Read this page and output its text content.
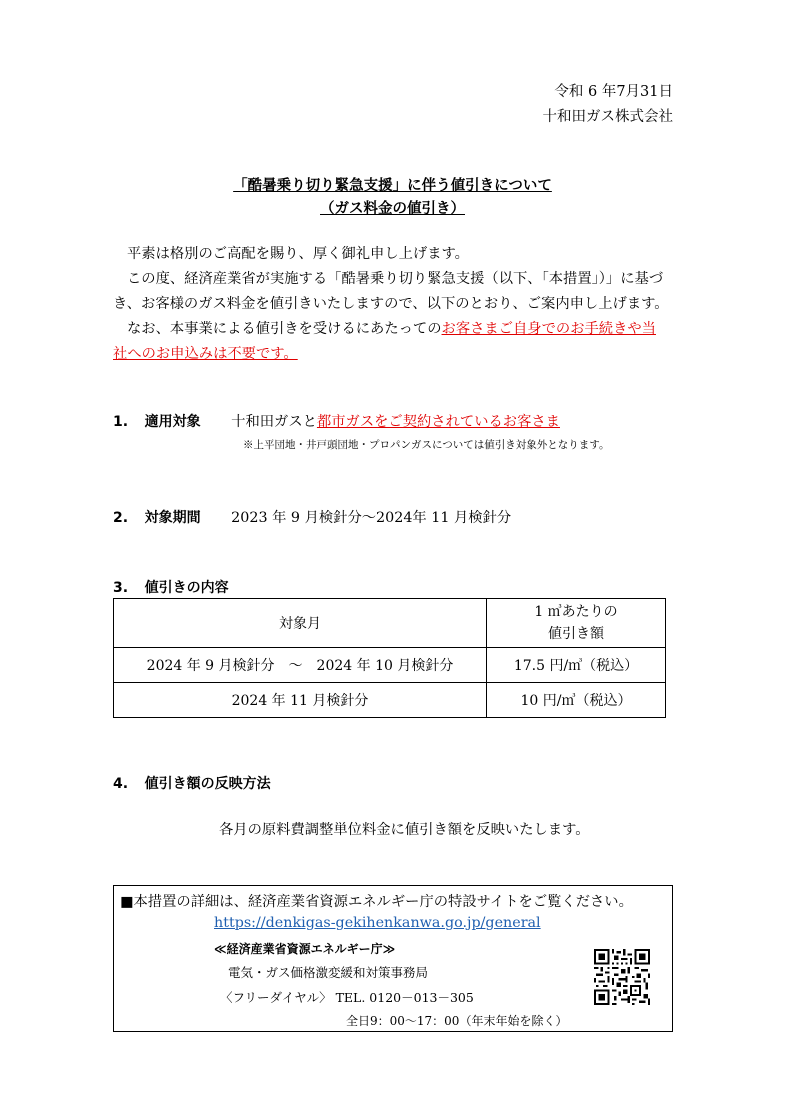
令和 6 年7月31日
十和田ガス株式会社
「酷暑乗り切り緊急支援」に伴う値引きについて
（ガス料金の値引き）
平素は格別のご高配を賜り、厚く御礼申し上げます。
この度、経済産業省が実施する「酷暑乗り切り緊急支援（以下、「本措置」）」に基づ
き、お客様のガス料金を値引きいたしますので、以下のとおり、ご案内申し上げます。
なお、本事業による値引きを受けるにあたってのお客さまご自身でのお手続きや当
社へのお申込みは不要です。
1. 適用対象 十和田ガスと都市ガスをご契約されているお客さま
※上平団地・井戸頭団地・プロパンガスについては値引き対象外となります。
2. 対象期間 2023 年 9 月検針分～2024年 11 月検針分
3. 値引きの内容
対象月	1 ㎥あたりの
値引き額

2024 年 9 月検針分　～　2024 年 10 月検針分	17.5 円/㎥（税込）
2024 年 11 月検針分	10 円/㎥（税込）
4. 値引き額の反映方法
各月の原料費調整単位料金に値引き額を反映いたします。
■本措置の詳細は、経済産業省資源エネルギー庁の特設サイトをご覧ください。
https://denkigas-gekihenkanwa.go.jp/general
≪経済産業省資源エネルギー庁≫
電気・ガス価格激変緩和対策事務局
〈フリーダイヤル〉 TEL. 0120－013－305
全日9：00～17：00（年末年始を除く）
